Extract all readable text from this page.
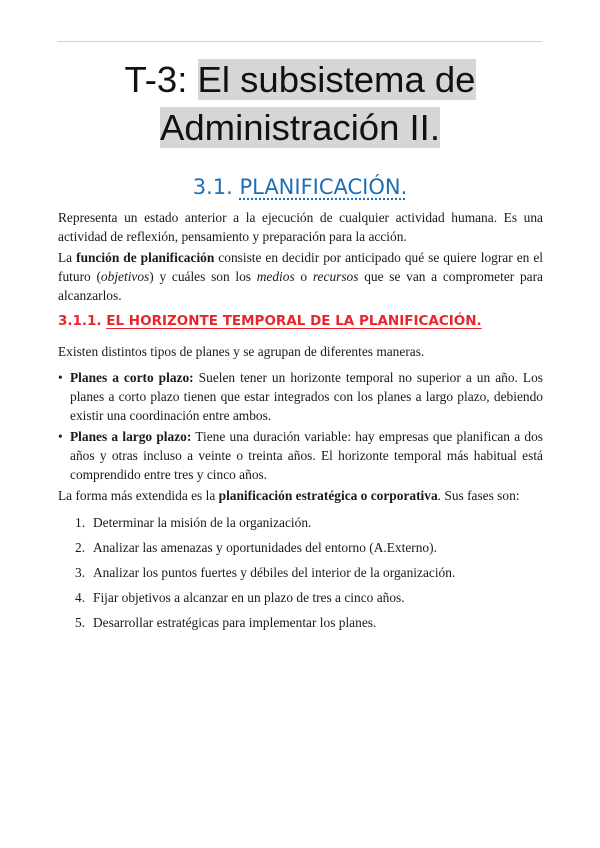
T-3: El subsistema de
Administración II.
3.1. PLANIFICACIÓN.
Representa un estado anterior a la ejecución de cualquier actividad humana. Es una actividad de reflexión, pensamiento y preparación para la acción.
La función de planificación consiste en decidir por anticipado qué se quiere lograr en el futuro (objetivos) y cuáles son los medios o recursos que se van a comprometer para alcanzarlos.
3.1.1. EL HORIZONTE TEMPORAL DE LA PLANIFICACIÓN.
Existen distintos tipos de planes y se agrupan de diferentes maneras.
• Planes a corto plazo: Suelen tener un horizonte temporal no superior a un año. Los planes a corto plazo tienen que estar integrados con los planes a largo plazo, debiendo existir una coordinación entre ambos.
• Planes a largo plazo: Tiene una duración variable: hay empresas que planifican a dos años y otras incluso a veinte o treinta años. El horizonte temporal más habitual está comprendido entre tres y cinco años.
La forma más extendida es la planificación estratégica o corporativa. Sus fases son:
1. Determinar la misión de la organización.
2. Analizar las amenazas y oportunidades del entorno (A.Externo).
3. Analizar los puntos fuertes y débiles del interior de la organización.
4. Fijar objetivos a alcanzar en un plazo de tres a cinco años.
5. Desarrollar estratégicas para implementar los planes.
